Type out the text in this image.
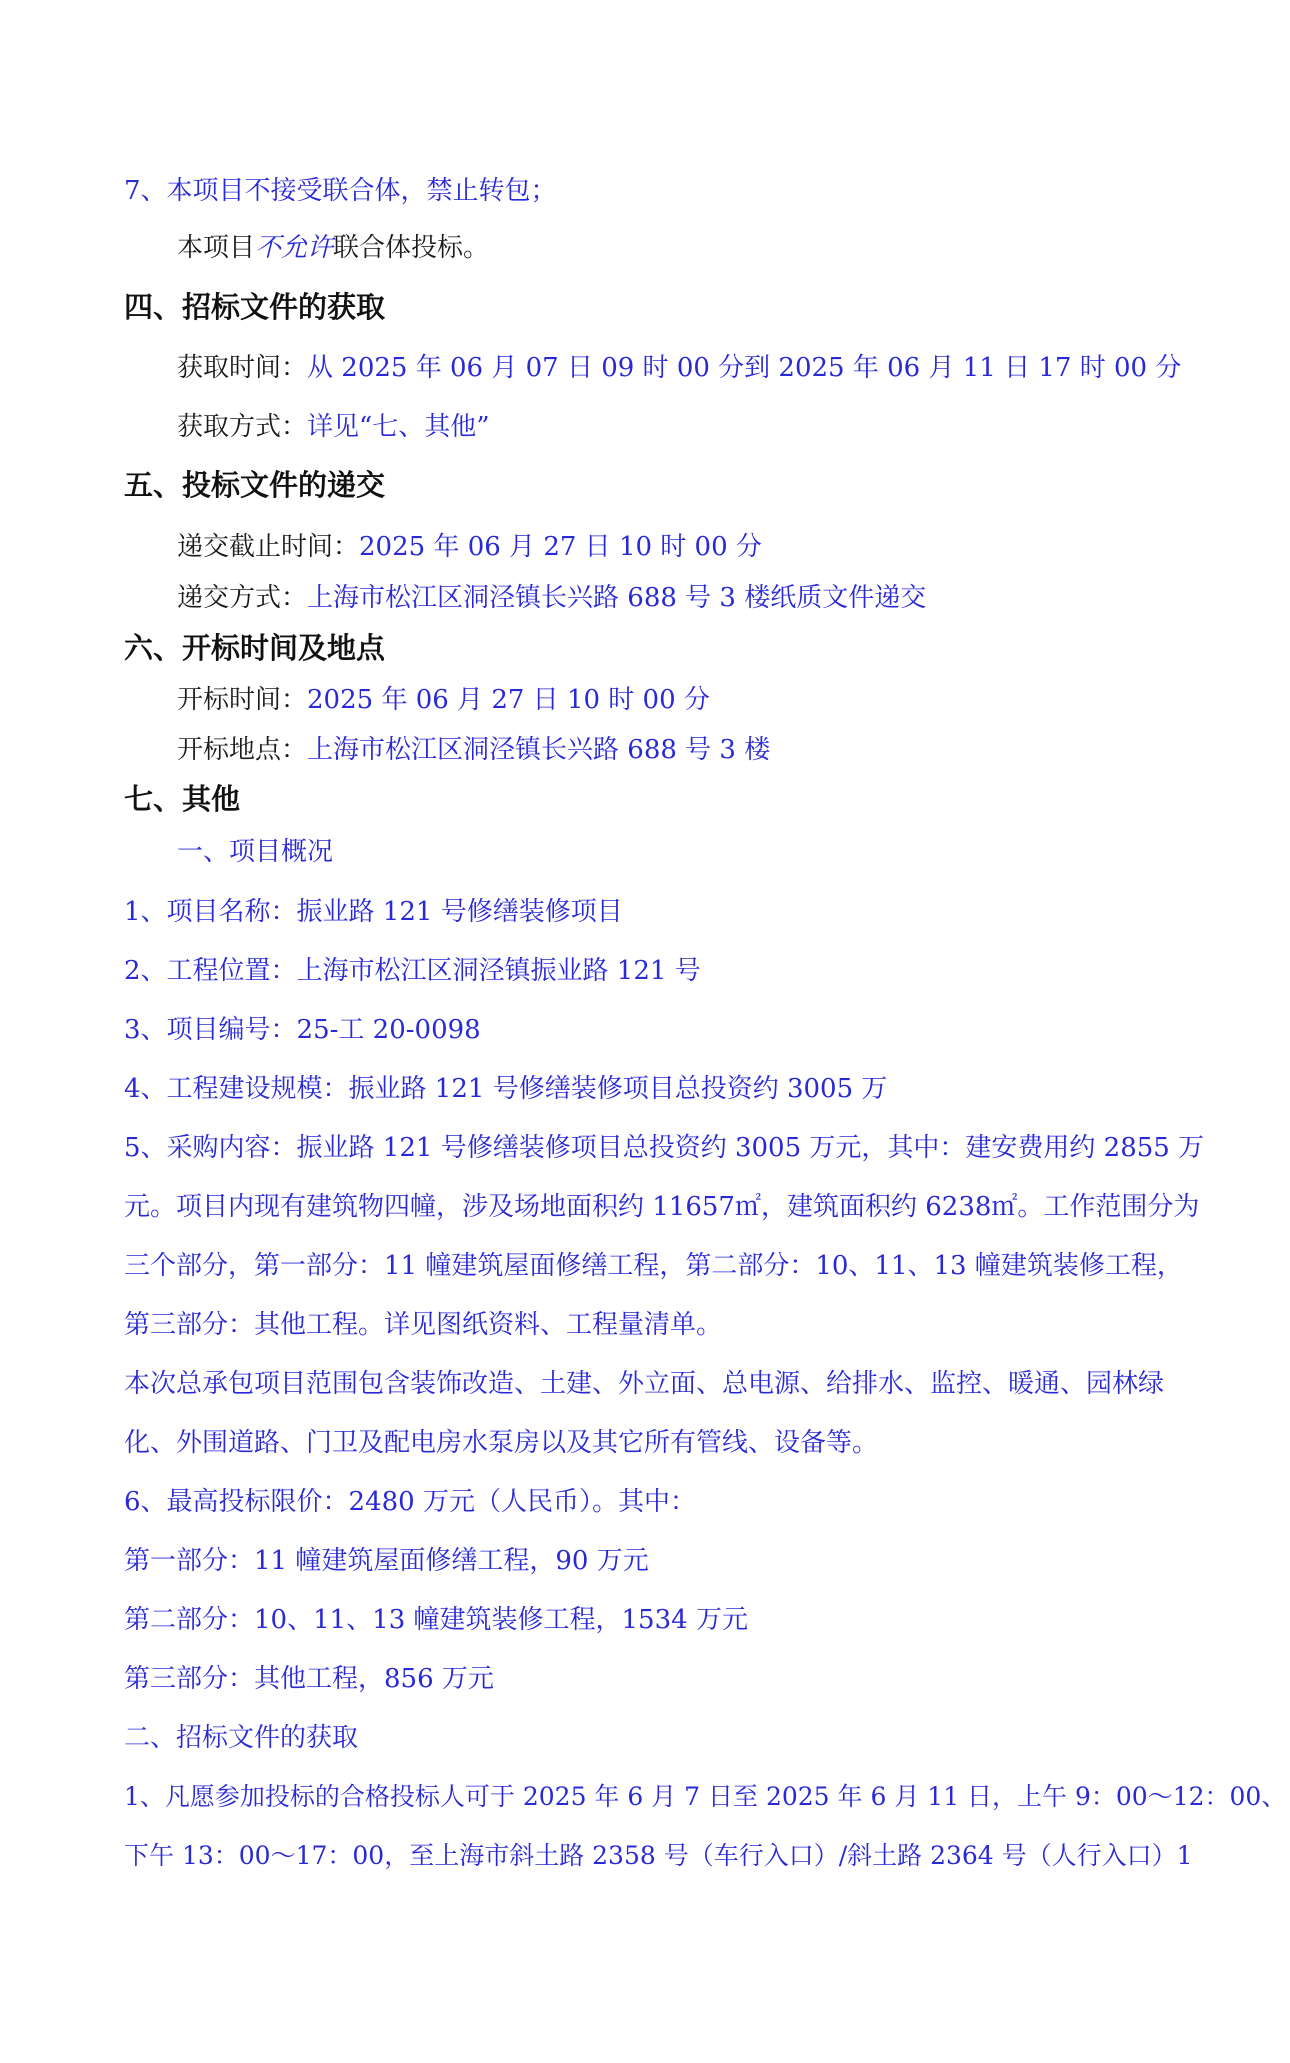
7、本项目不接受联合体，禁止转包；
本项目不允许联合体投标。
四、招标文件的获取
获取时间：从 2025 年 06 月 07 日 09 时 00 分到 2025 年 06 月 11 日 17 时 00 分
获取方式：详见“七、其他”
五、投标文件的递交
递交截止时间：2025 年 06 月 27 日 10 时 00 分
递交方式：上海市松江区洞泾镇长兴路 688 号 3 楼纸质文件递交
六、开标时间及地点
开标时间：2025 年 06 月 27 日 10 时 00 分
开标地点：上海市松江区洞泾镇长兴路 688 号 3 楼
七、其他
一、项目概况
1、项目名称：振业路 121 号修缮装修项目
2、工程位置：上海市松江区洞泾镇振业路 121 号
3、项目编号：25-工 20-0098
4、工程建设规模：振业路 121 号修缮装修项目总投资约 3005 万
5、采购内容：振业路 121 号修缮装修项目总投资约 3005 万元，其中：建安费用约 2855 万
元。项目内现有建筑物四幢，涉及场地面积约 11657㎡，建筑面积约 6238㎡。工作范围分为
三个部分，第一部分：11 幢建筑屋面修缮工程，第二部分：10、11、13 幢建筑装修工程，
第三部分：其他工程。详见图纸资料、工程量清单。
本次总承包项目范围包含装饰改造、土建、外立面、总电源、给排水、监控、暖通、园林绿
化、外围道路、门卫及配电房水泵房以及其它所有管线、设备等。
6、最高投标限价：2480 万元（人民币）。其中：
第一部分：11 幢建筑屋面修缮工程，90 万元
第二部分：10、11、13 幢建筑装修工程，1534 万元
第三部分：其他工程，856 万元
二、招标文件的获取
1、凡愿参加投标的合格投标人可于 2025 年 6 月 7 日至 2025 年 6 月 11 日，上午 9：00～12：00、
下午 13：00～17：00，至上海市斜土路 2358 号（车行入口）/斜土路 2364 号（人行入口）1
